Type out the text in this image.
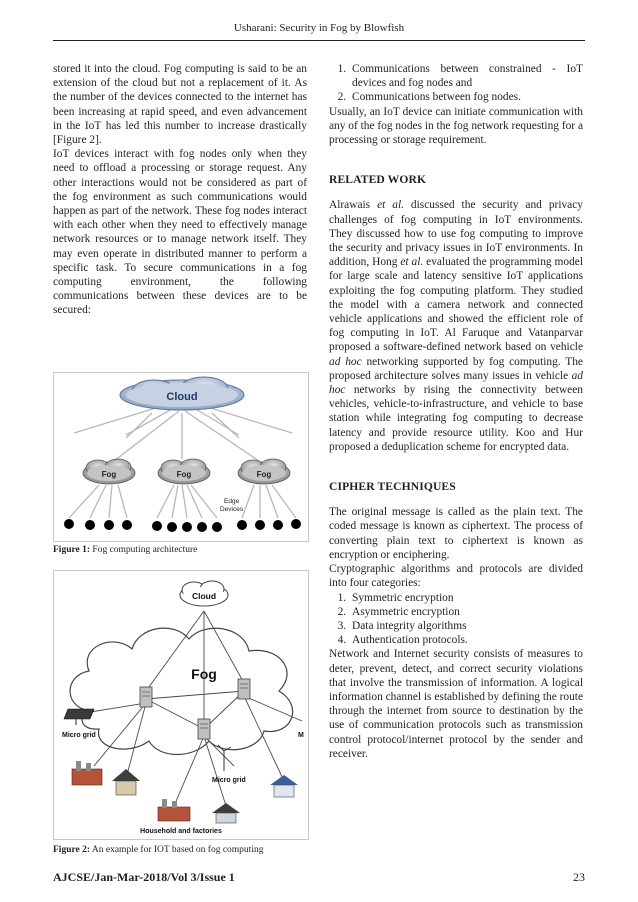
Usharani: Security in Fog by Blowfish

stored it into the cloud. Fog computing is said to be an extension of the cloud but not a replacement of it. As the number of the devices connected to the internet has been increasing at rapid speed, and even advancement in the IoT has led this number to increase drastically [Figure 2].

IoT devices interact with fog nodes only when they need to offload a processing or storage request. Any other interactions would not be considered as part of the fog environment as such communications would happen as part of the network. These fog nodes interact with each other when they need to effectively manage network resources or to manage network itself. They may even operate in distributed manner to perform a specific task. To secure communications in a fog computing environment, the following communications between these devices are to be secured:

Cloud
Fog	Fog	Fog
Edge
Devices
Figure 1: Fog computing architecture
Cloud
Fog
Micro grid	M
Micro grid
Household and factories
Figure 2: An example for IOT based on fog computing
1. Communications between constrained - IoT devices and fog nodes and
2. Communications between fog nodes.

Usually, an IoT device can initiate communication with any of the fog nodes in the fog network requesting for a processing or storage requirement.

RELATED WORK

Alrawais et al. discussed the security and privacy challenges of fog computing in IoT environments. They discussed how to use fog computing to improve the security and privacy issues in IoT environments. In addition, Hong et al. evaluated the programming model for large scale and latency sensitive IoT applications exploiting the fog computing platform. They studied the model with a camera network and connected vehicle applications and showed the efficient role of fog computing in IoT. Al Faruque and Vatanparvar proposed a software-defined network based on vehicle ad hoc networking supported by fog computing. The proposed architecture solves many issues in vehicle ad hoc networks by rising the connectivity between vehicles, vehicle-to-infrastructure, and vehicle to base station while integrating fog computing to decrease latency and provide resource utility. Koo and Hur proposed a deduplication scheme for encrypted data.

CIPHER TECHNIQUES

The original message is called as the plain text. The coded message is known as ciphertext. The process of converting plain text to ciphertext is known as encryption or enciphering.

Cryptographic algorithms and protocols are divided into four categories:

1. Symmetric encryption
2. Asymmetric encryption
3. Data integrity algorithms
4. Authentication protocols.

Network and Internet security consists of measures to deter, prevent, detect, and correct security violations that involve the transmission of information. A logical information channel is established by defining the route through the internet from source to destination by the use of communication protocols such as transmission control protocol/internet protocol by the sender and receiver.

AJCSE/Jan-Mar-2018/Vol 3/Issue 1	23
